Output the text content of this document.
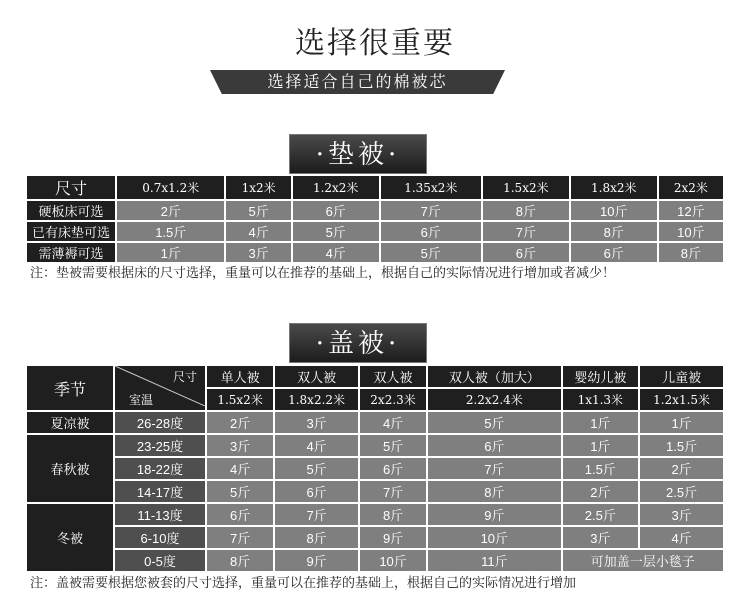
选择很重要
选择适合自己的棉被芯
·垫被·
尺寸	0.7x1.2米	1x2米	1.2x2米	1.35x2米	1.5x2米	1.8x2米	2x2米
硬板床可选	2斤	5斤	6斤	7斤	8斤	10斤	12斤
已有床垫可选	1.5斤	4斤	5斤	6斤	7斤	8斤	10斤
需薄褥可选	1斤	3斤	4斤	5斤	6斤	6斤	8斤
注：垫被需要根据床的尺寸选择，重量可以在推荐的基础上，根据自己的实际情况进行增加或者减少！
·盖被·
季节	尺寸
室温	单人被	双人被	双人被	双人被（加大）	婴幼儿被	儿童被
		1.5x2米	1.8x2.2米	2x2.3米	2.2x2.4米	1x1.3米	1.2x1.5米
夏凉被	26-28度	2斤	3斤	4斤	5斤	1斤	1斤
春秋被	23-25度	3斤	4斤	5斤	6斤	1斤	1.5斤
	18-22度	4斤	5斤	6斤	7斤	1.5斤	2斤
	14-17度	5斤	6斤	7斤	8斤	2斤	2.5斤
冬被	11-13度	6斤	7斤	8斤	9斤	2.5斤	3斤
	6-10度	7斤	8斤	9斤	10斤	3斤	4斤
	0-5度	8斤	9斤	10斤	11斤	可加盖一层小毯子	
注：盖被需要根据您被套的尺寸选择，重量可以在推荐的基础上，根据自己的实际情况进行增加
